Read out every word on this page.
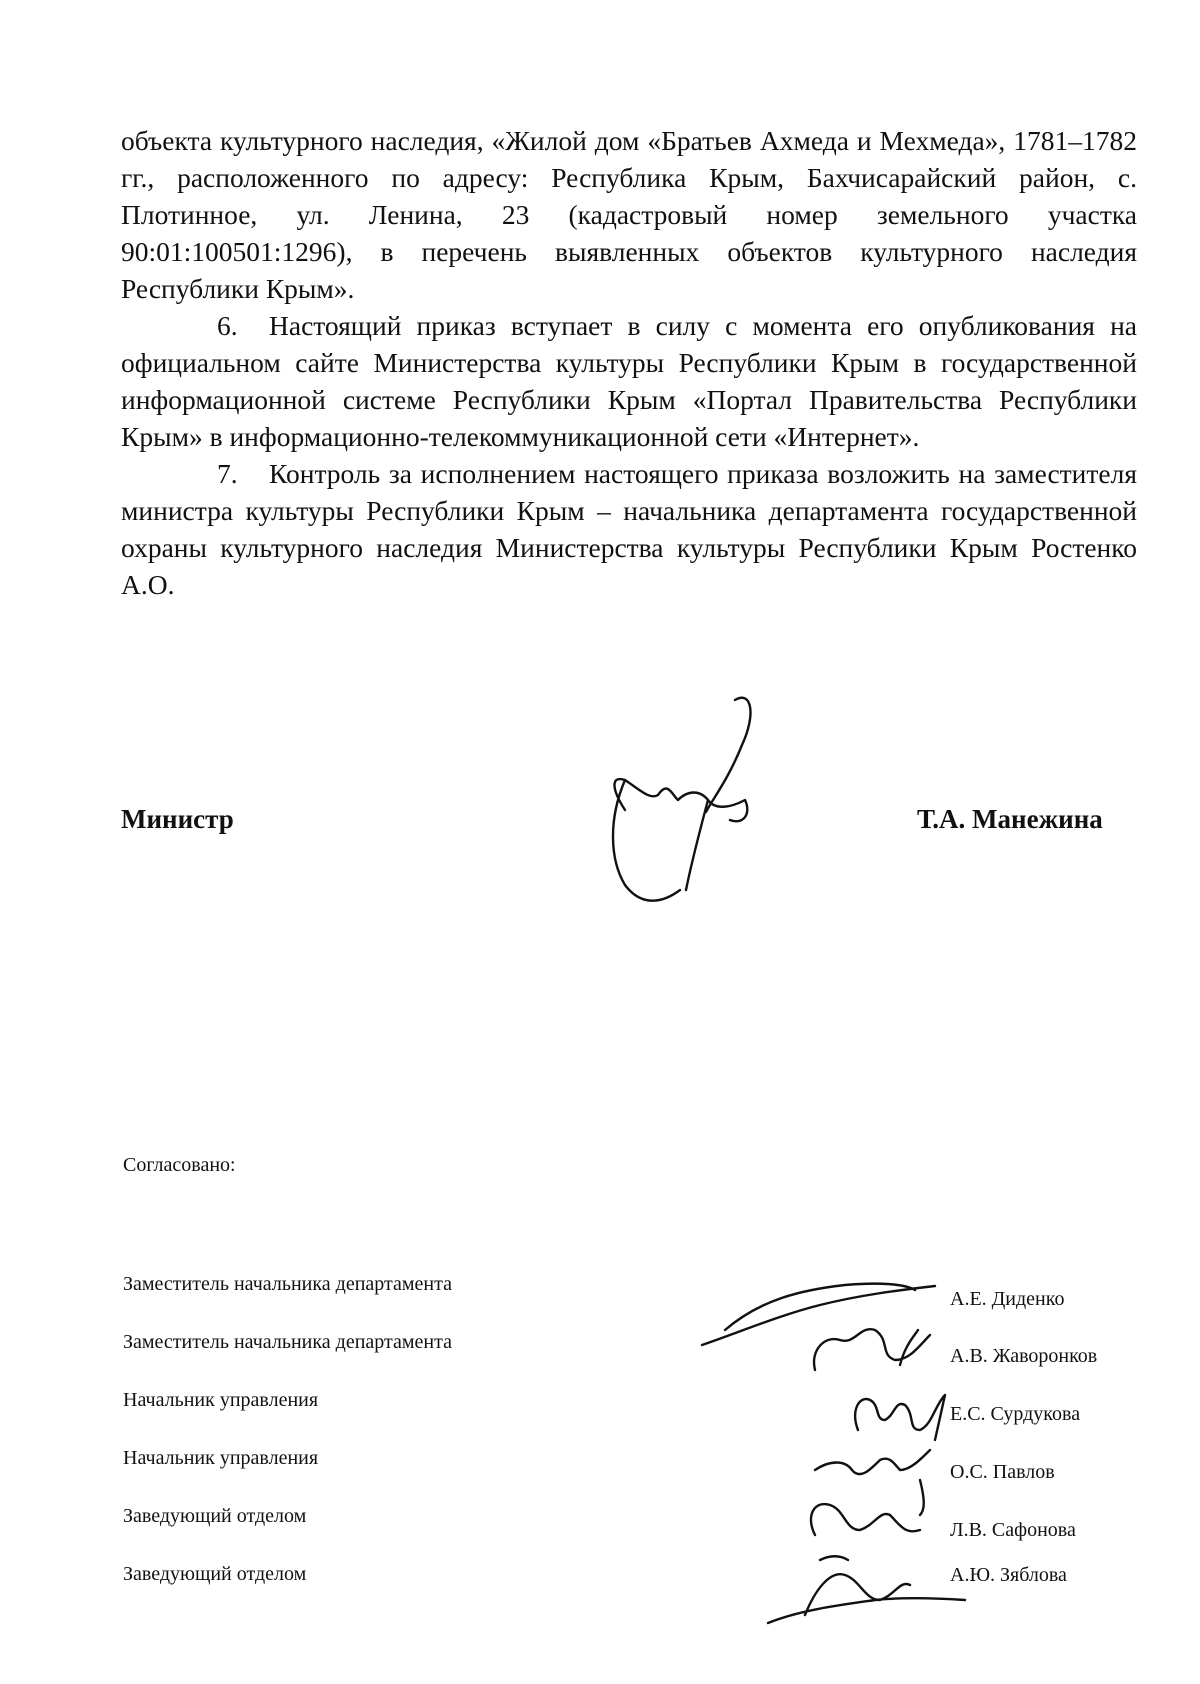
объекта культурного наследия, «Жилой дом «Братьев Ахмеда и Мехмеда», 1781–1782 гг., расположенного по адресу: Республика Крым, Бахчисарайский район, с. Плотинное, ул. Ленина, 23 (кадастровый номер земельного участка 90:01:100501:1296), в перечень выявленных объектов культурного наследия Республики Крым».

6. Настоящий приказ вступает в силу с момента его опубликования на официальном сайте Министерства культуры Республики Крым в государственной информационной системе Республики Крым «Портал Правительства Республики Крым» в информационно-телекоммуникационной сети «Интернет».

7. Контроль за исполнением настоящего приказа возложить на заместителя министра культуры Республики Крым – начальника департамента государственной охраны культурного наследия Министерства культуры Республики Крым Ростенко А.О.

Министр	Т.А. Манежина
Согласовано:
Заместитель начальника департамента
Заместитель начальника департамента
Начальник управления
Начальник управления
Заведующий отделом
Заведующий отделом
А.Е. Диденко
А.В. Жаворонков
Е.С. Сурдукова
О.С. Павлов
Л.В. Сафонова
А.Ю. Зяблова
